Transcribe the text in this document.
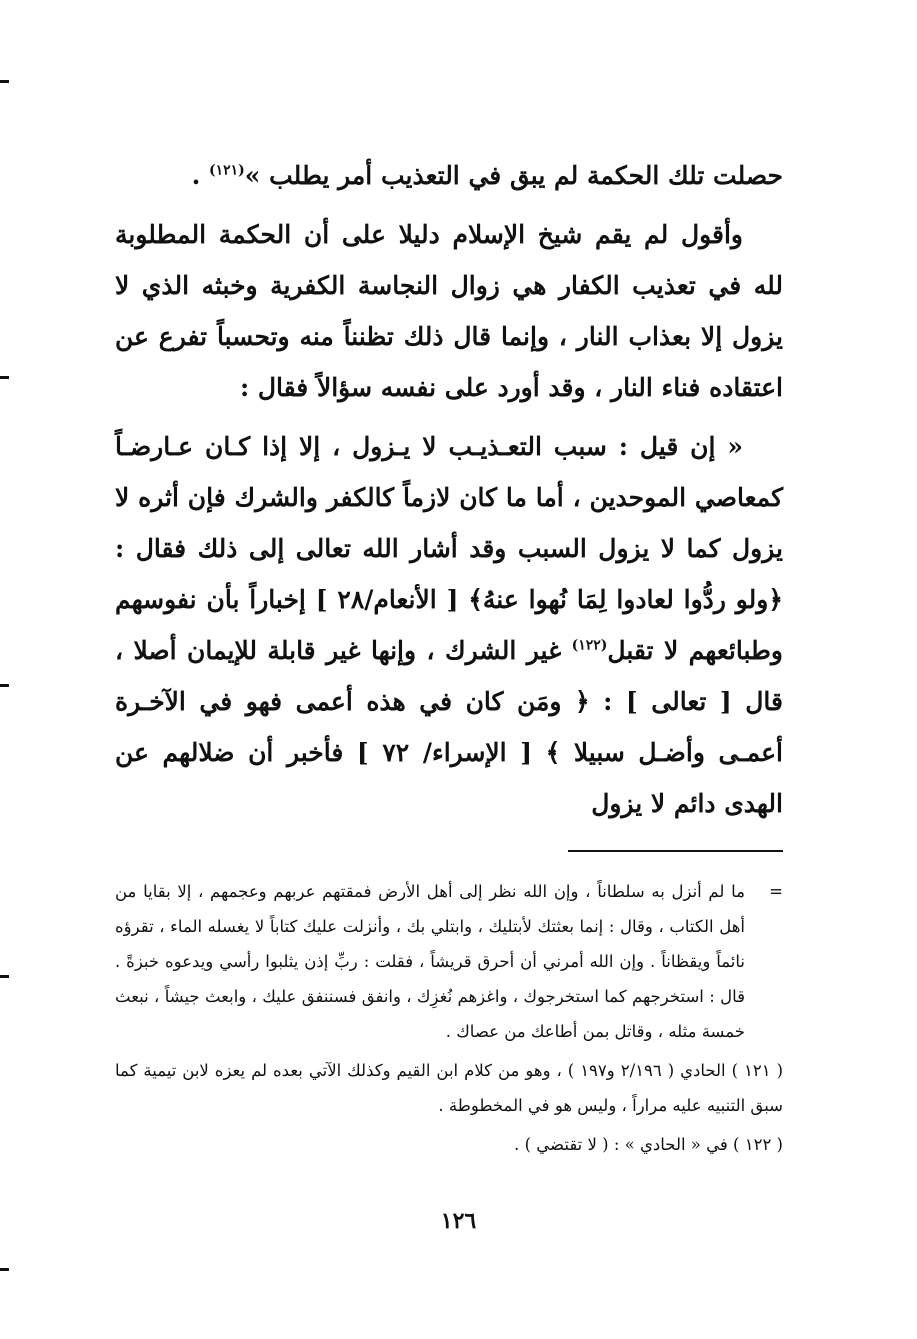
حصلت تلك الحكمة لم يبق في التعذيب أمر يطلب »$^{(١٢١)}$ .

وأقول لم يقم شيخ الإسلام دليلا على أن الحكمة المطلوبة لله في تعذيب الكفار هي زوال النجاسة الكفرية وخبثه الذي لا يزول إلا بعذاب النار ، وإنما قال ذلك تظنناً منه وتحسباً تفرع عن اعتقاده فناء النار ، وقد أورد على نفسه سؤالاً فقال :

« إن قيل : سبب التعـذيـب لا يـزول ، إلا إذا كـان عـارضـاً كمعاصي الموحدين ، أما ما كان لازماً كالكفر والشرك فإن أثره لا يزول كما لا يزول السبب وقد أشار الله تعالى إلى ذلك فقال : ﴿ولو ردُّوا لعادوا لِمَا نُهوا عنهُ﴾ [ الأنعام/٢٨ ] إخباراً بأن نفوسهم وطبائعهم لا تقبل$^{(١٢٢)}$ غير الشرك ، وإنها غير قابلة للإيمان أصلا ، قال [ تعالى ] : ﴿ ومَن كان في هذه أعمى فهو في الآخـرة أعمـى وأضـل سبيلا ﴾ [ الإسراء/ ٧٢ ] فأخبر أن ضلالهم عن الهدى دائم لا يزول

=
ما لم أنزل به سلطاناً ، وإن الله نظر إلى أهل الأرض فمقتهم عربهم وعجمهم ، إلا بقايا من أهل الكتاب ، وقال : إنما بعثتك لأبتليك ، وابتلي بك ، وأنزلت عليك كتاباً لا يغسله الماء ، تقرؤه نائماً ويقظاناً . وإن الله أمرني أن أحرق قريشاً ، فقلت : ربِّ إذن يثلبوا رأسي ويدعوه خبزةً . قال : استخرجهم كما استخرجوك ، واغزهم نُغزِك ، وانفق فسننفق عليك ، وابعث جيشاً ، نبعث خمسة مثله ، وقاتل بمن أطاعك من عصاك .

( ١٢١ ) الحادي ( ٢/١٩٦ و١٩٧ ) ، وهو من كلام ابن القيم وكذلك الآتي بعده لم يعزه لابن تيمية كما سبق التنبيه عليه مراراً ، وليس هو في المخطوطة .

( ١٢٢ ) في « الحادي » : ( لا تقتضي ) .

١٢٦
